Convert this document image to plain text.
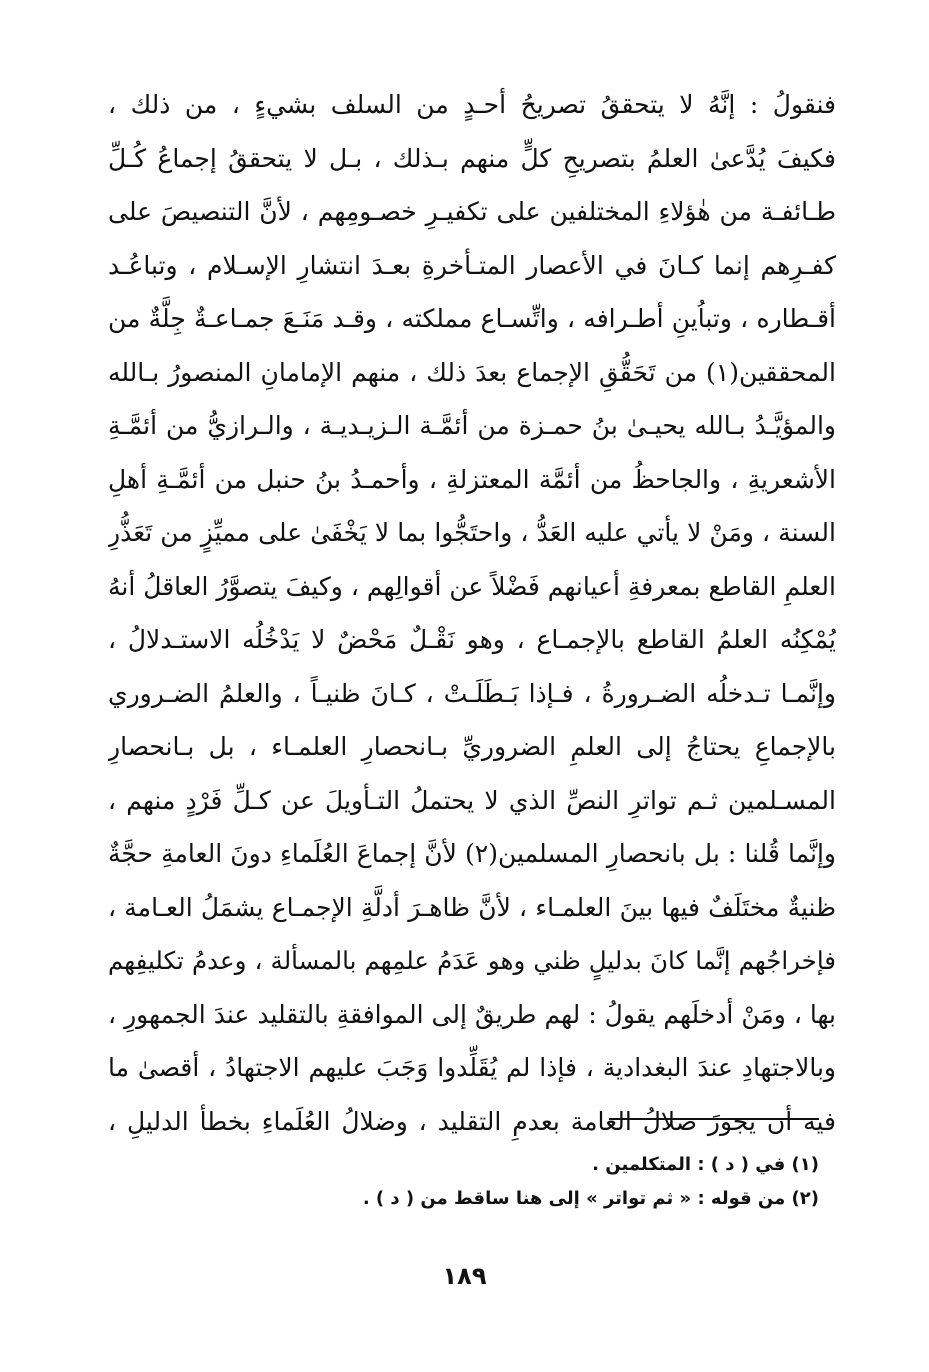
فنقولُ : إنَّهُ لا يتحققُ تصريحُ أحـدٍ من السلف بشيءٍ ، من ذلك ،
فكيفَ يُدَّعىٰ العلمُ بتصريحِ كلٍّ منهم بـذلك ، بـل لا يتحققُ إجماعُ كُـلِّ
طـائفـة من هٰؤلاءِ المختلفين على تكفيـرِ خصـومِهم ، لأنَّ التنصيصَ على
كفـرِهم إنما كـانَ في الأعصار المتـأخرةِ بعـدَ انتشارِ الإسـلام ، وتباعُـد
أقـطاره ، وتباُينِ أطـرافه ، واتِّسـاع مملكته ، وقـد مَنَـعَ جمـاعـةٌ جِلَّةٌ من
المحققين(١) من تَحَقُّقِ الإجماع بعدَ ذلك ، منهم الإمامانِ المنصورُ بـالله
والمؤيَّـدُ بـالله يحيـىٰ بنُ حمـزة من أئمَّـة الـزيـديـة ، والـرازيُّ من أئمَّـةِ
الأشعريةِ ، والجاحظُ من أئمَّة المعتزلةِ ، وأحمـدُ بنُ حنبل من أئمَّـةِ أهلِ
السنة ، ومَنْ لا يأتي عليه العَدُّ ، واحتَجُّوا بما لا يَخْفَىٰ على مميِّزٍ من تَعَذُّرِ
العلمِ القاطع بمعرفةِ أعيانهم فَضْلاً عن أقوالِهم ، وكيفَ يتصوَّرُ العاقلُ أنهُ
يُمْكِنُه العلمُ القاطع بالإجمـاع ، وهو نَقْـلٌ مَحْضٌ لا يَدْخُلُه الاستـدلالُ ،
وإنَّمـا تـدخلُه الضـرورةُ ، فـإذا بَـطَلَـتْ ، كـانَ ظنيـاً ، والعلمُ الضـروري
بالإجماعِ يحتاجُ إلى العلمِ الضروريِّ بـانحصارِ العلمـاء ، بل بـانحصارِ
المسـلمين ثـم تواترِ النصِّ الذي لا يحتملُ التـأويلَ عن كـلِّ فَرْدٍ منهم ،
وإنَّما قُلنا : بل بانحصارِ المسلمين(٢) لأنَّ إجماعَ العُلَماءِ دونَ العامةِ حجَّةٌ
ظنيةٌ مختَلَفٌ فيها بينَ العلمـاء ، لأنَّ ظاهـرَ أدلَّةِ الإجمـاع يشمَلُ العـامة ،
فإخراجُهم إنَّما كانَ بدليلٍ ظني وهو عَدَمُ علمِهم بالمسألة ، وعدمُ تكليفِهم
بها ، ومَنْ أدخلَهم يقولُ : لهم طريقٌ إلى الموافقةِ بالتقليد عندَ الجمهورِ ،
وبالاجتهادِ عندَ البغدادية ، فإذا لم يُقَلِّدوا وَجَبَ عليهم الاجتهادُ ، أقصىٰ ما
فيه أن يجوزَ ضلالُ العامة بعدمِ التقليد ، وضلالُ العُلَماءِ بخطأ الدليلِ ،
(١) في ( د ) : المتكلمين .
(٢) من قوله : « ثم تواتر » إلى هنا ساقط من ( د ) .
١٨٩
